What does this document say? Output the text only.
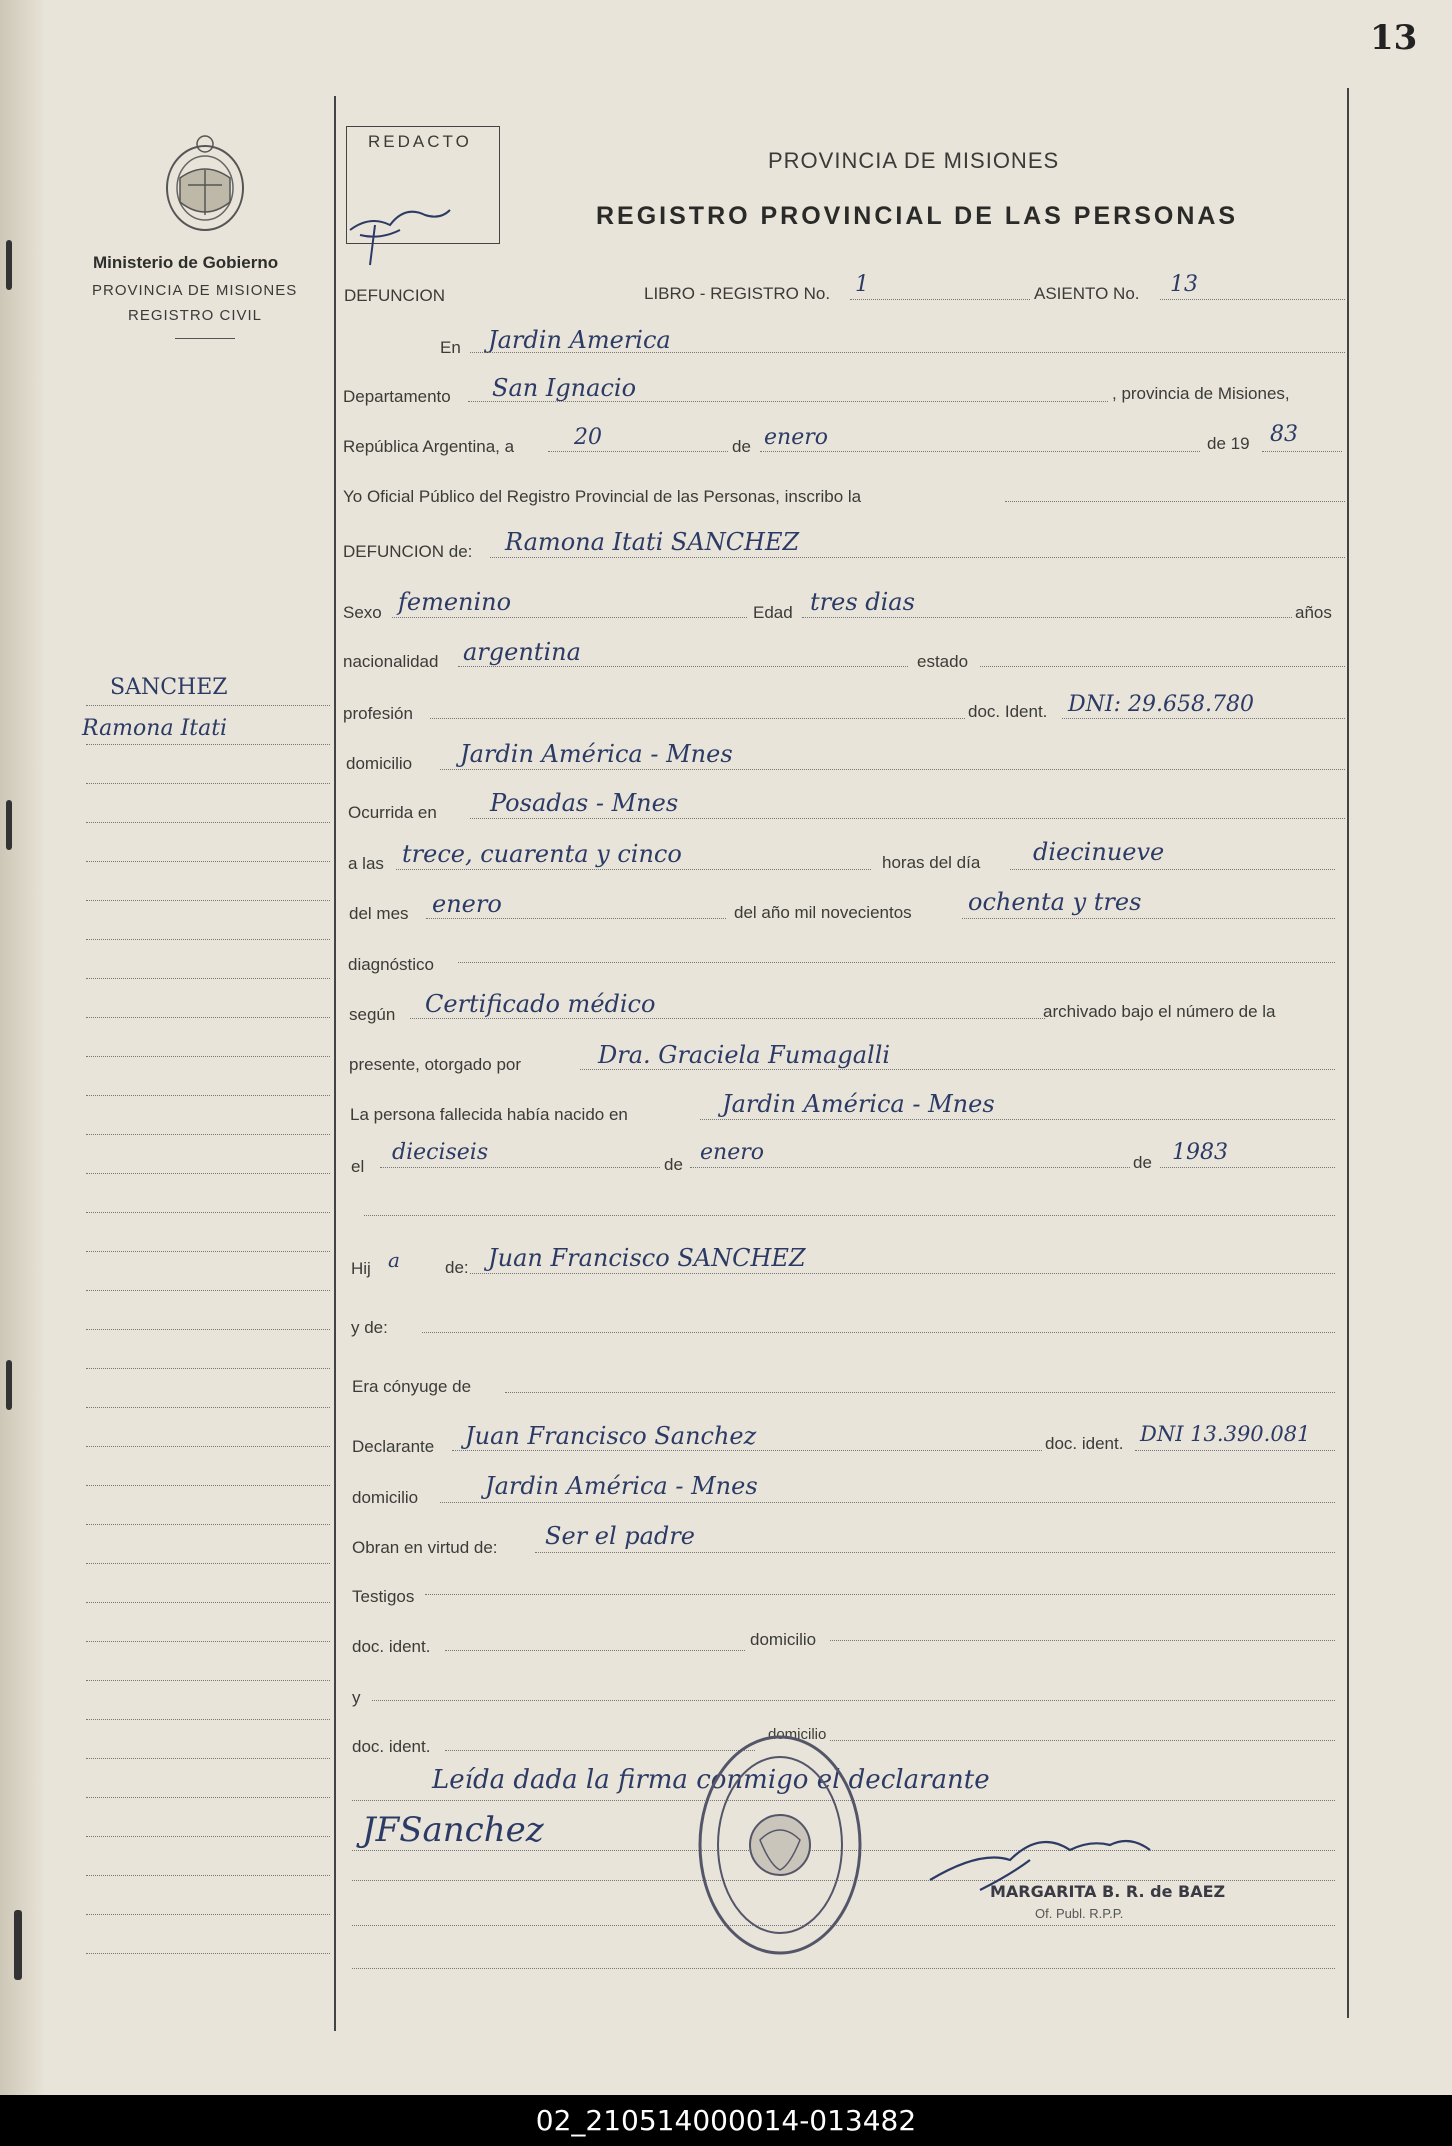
13
Ministerio de Gobierno
PROVINCIA DE MISIONES
REGISTRO CIVIL
REDACTO
PROVINCIA DE MISIONES
REGISTRO PROVINCIAL DE LAS PERSONAS
DEFUNCION	LIBRO - REGISTRO No. 1	ASIENTO No. 13
En Jardin America
Departamento San Ignacio	, provincia de Misiones,
República Argentina, a	20	de enero	de 19 83
Yo Oficial Público del Registro Provincial de las Personas, inscribo la
DEFUNCION de: Ramona Itati SANCHEZ
Sexo femenino	Edad tres dias	años
nacionalidad argentina	estado
profesión	doc. Ident. DNI: 29.658.780
domicilio Jardin América - Mnes
Ocurrida en Posadas - Mnes
a las trece, cuarenta y cinco	horas del día diecinueve
del mes enero	del año mil novecientos ochenta y tres
diagnóstico
según Certificado médico	archivado bajo el número de la
presente, otorgado por	Dra. Graciela Fumagalli
La persona fallecida había nacido en	Jardin América - Mnes
el
dieciseis	de enero	de 1983
Hij a	de: Juan Francisco SANCHEZ
y de:
Era cónyuge de
Declarante Juan Francisco Sanchez	doc. ident. DNI 13.390.081
domicilio	Jardin América - Mnes
Obran en virtud de: Ser el padre
Testigos
doc. ident.	domicilio
y
doc. ident.
domicilio
Leída dada la firma conmigo el declarante
JFSanchez
MARGARITA B. R. de BAEZ
Of. Publ. R.P.P.
SANCHEZ
Ramona Itati
02_210514000014-013482
